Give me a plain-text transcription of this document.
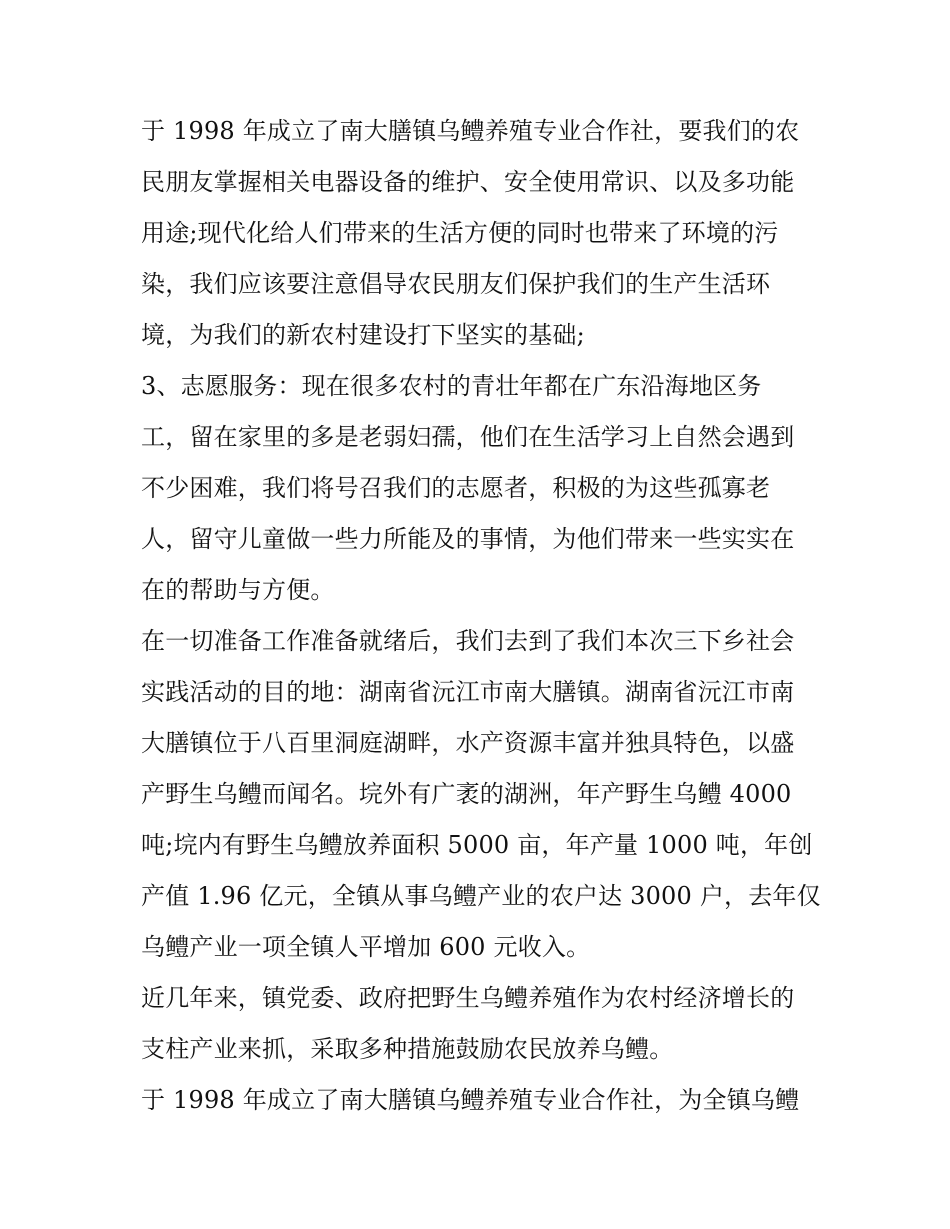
于 1998 年成立了南大膳镇乌鳢养殖专业合作社，要我们的农
民朋友掌握相关电器设备的维护、安全使用常识、以及多功能
用途;现代化给人们带来的生活方便的同时也带来了环境的污
染，我们应该要注意倡导农民朋友们保护我们的生产生活环
境，为我们的新农村建设打下坚实的基础;
3、志愿服务：现在很多农村的青壮年都在广东沿海地区务
工，留在家里的多是老弱妇孺，他们在生活学习上自然会遇到
不少困难，我们将号召我们的志愿者，积极的为这些孤寡老
人，留守儿童做一些力所能及的事情，为他们带来一些实实在
在的帮助与方便。
在一切准备工作准备就绪后，我们去到了我们本次三下乡社会
实践活动的目的地：湖南省沅江市南大膳镇。湖南省沅江市南
大膳镇位于八百里洞庭湖畔，水产资源丰富并独具特色，以盛
产野生乌鳢而闻名。垸外有广袤的湖洲，年产野生乌鳢 4000
吨;垸内有野生乌鳢放养面积 5000 亩，年产量 1000 吨，年创
产值 1.96 亿元，全镇从事乌鳢产业的农户达 3000 户，去年仅
乌鳢产业一项全镇人平增加 600 元收入。
近几年来，镇党委、政府把野生乌鳢养殖作为农村经济增长的
支柱产业来抓，采取多种措施鼓励农民放养乌鳢。
于 1998 年成立了南大膳镇乌鳢养殖专业合作社，为全镇乌鳢
